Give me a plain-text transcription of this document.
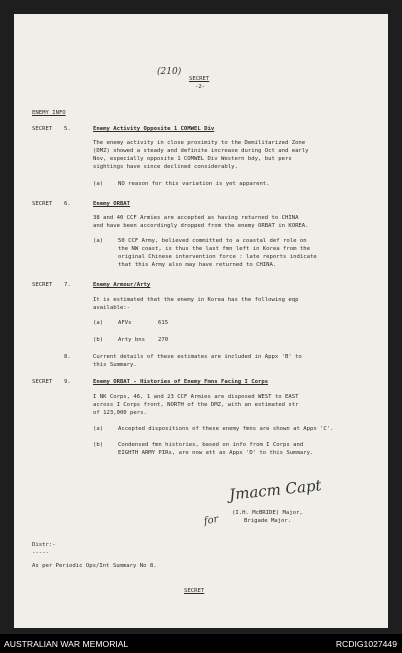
(210)
SECRET
-2-
ENEMY INFO
SECRET 5.	Enemy Activity Opposite 1 COMWEL Div
The enemy activity in close proximity to the Demilitarized Zone
(DMZ) showed a steady and definite increase during Oct and early
Nov, especially opposite 1 COMWEL Div Western bdy, but pers
sightings have since declined considerably.
(a)	NO reason for this variation is yet apparent.
SECRET 6.	Enemy ORBAT
38 and 40 CCF Armies are accepted as having returned to CHINA
and have been accordingly dropped from the enemy ORBAT in KOREA.
(a)	50 CCF Army, believed committed to a coastal def role on
the NW coast, is thus the last fmn left in Korea from the
original Chinese intervention force : late reports indicate
that this Army also may have returned to CHINA.
SECRET 7.	Enemy Armour/Arty
It is estimated that the enemy in Korea has the following eqp
available:-
(a)	AFVs	615
(b)	Arty bns 270
8.	Current details of these estimates are included in Appx 'B' to
this Summary.
SECRET 9.	Enemy ORBAT - Histories of Enemy Fmns Facing I Corps
I NK Corps, 46, 1 and 23 CCF Armies are disposed WEST to EAST
across I Corps front, NORTH of the DMZ, with an estimated str
of 123,000 pers.
(a)	Accepted dispositions of these enemy fmns are shown at Appx 'C'.
(b)	Condensed fmn histories, based on info from I Corps and
EIGHTH ARMY PIRs, are now att as Appx 'D' to this Summary.
Jmacm Capt
for
(I.H. McBRIDE) Major,
Brigade Major.
Distr:-
-----
As per Periodic Ops/Int Summary No 8.
SECRET
AUSTRALIAN WAR MEMORIAL	RCDIG1027449
